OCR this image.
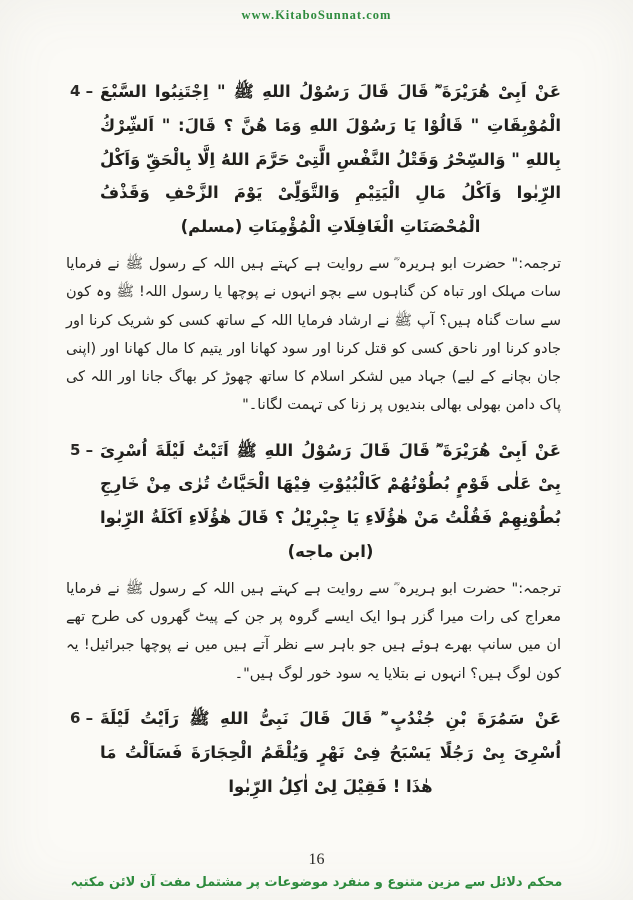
www.KitaboSunnat.com
4 – عَنْ اَبِىْ هُرَيْرَةَ ؓ قَالَ قَالَ رَسُوْلُ اللهِ ﷺ " اِجْتَنِبُوا السَّبْعَ الْمُوْبِقَاتِ " قَالُوْا يَا رَسُوْلَ اللهِ وَمَا هُنَّ ؟ قَالَ: " اَلشِّرْكُ بِاللهِ " وَالسِّحْرُ وَقَتْلُ النَّفْسِ الَّتِىْ حَرَّمَ اللهُ اِلَّا بِالْحَقِّ وَاَكْلُ الرِّبٰوا وَاَكْلُ مَالِ الْيَتِيْمِ وَالتَّوَلِّىْ يَوْمَ الزَّحْفِ وَقَذْفُ الْمُحْصَنَاتِ الْغَافِلَاتِ الْمُؤْمِنَاتِ (مسلم)

ترجمہ:" حضرت ابو ہریرہ ؓ سے روایت ہے کہتے ہیں اللہ کے رسول ﷺ نے فرمایا سات مہلک اور تباہ کن گناہوں سے بچو انہوں نے پوچھا یا رسول اللہ! ﷺ وہ کون سے سات گناہ ہیں؟ آپ ﷺ نے ارشاد فرمایا اللہ کے ساتھ کسی کو شریک کرنا اور جادو کرنا اور ناحق کسی کو قتل کرنا اور سود کھانا اور یتیم کا مال کھانا اور (اپنی جان بچانے کے لیے) جہاد میں لشکر اسلام کا ساتھ چھوڑ کر بھاگ جانا اور اللہ کی پاک دامن بھولی بھالی بندیوں پر زنا کی تہمت لگانا۔"

5 – عَنْ اَبِىْ هُرَيْرَةَ ؓ قَالَ قَالَ رَسُوْلُ اللهِ ﷺ اَتَيْتُ لَيْلَةَ اُسْرِىَ بِىْ عَلٰى قَوْمٍ بُطُوْنُهُمْ كَالْبُيُوْتِ فِيْهَا الْحَيَّاتُ تُرٰى مِنْ خَارِجِ بُطُوْنِهِمْ فَقُلْتُ مَنْ هٰؤُلَاءِ يَا جِبْرِيْلُ ؟ قَالَ هٰؤُلَاءِ اَكَلَةُ الرِّبٰوا (ابن ماجه)

ترجمہ:" حضرت ابو ہریرہ ؓ سے روایت ہے کہتے ہیں اللہ کے رسول ﷺ نے فرمایا معراج کی رات میرا گزر ہوا ایک ایسے گروہ پر جن کے پیٹ گھروں کی طرح تھے ان میں سانپ بھرے ہوئے ہیں جو باہر سے نظر آتے ہیں میں نے پوچھا جبرائیل! یہ کون لوگ ہیں؟ انہوں نے بتلایا یہ سود خور لوگ ہیں"۔

6 – عَنْ سَمُرَةَ بْنِ جُنْدُبٍ ؓ قَالَ قَالَ نَبِىُّ اللهِ ﷺ رَاَيْتُ لَيْلَةَ اُسْرِىَ بِىْ رَجُلًا يَسْبَحُ فِىْ نَهْرٍ وَيُلْقَمُ الْحِجَارَةَ فَسَاَلْتُ مَا هٰذَا ! فَقِيْلَ لِىْ اٰكِلُ الرِّبٰوا

16
محکم دلائل سے مزین متنوع و منفرد موضوعات پر مشتمل مفت آن لائن مکتبہ
